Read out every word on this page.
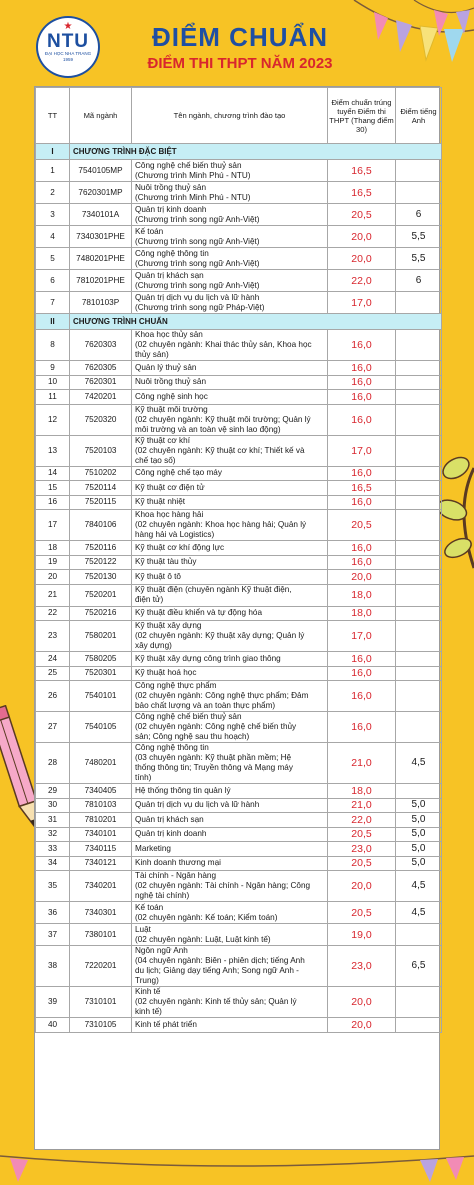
★
NTU
ĐẠI HỌC NHA TRANG
1959
ĐIỂM CHUẨN
ĐIỂM THI THPT NĂM 2023
TT	Mã ngành	Tên ngành, chương trình đào tạo	Điểm chuẩn trúng tuyển Điểm thi THPT (Thang điểm 30)	Điểm tiếng Anh
I	CHƯƠNG TRÌNH ĐẶC BIỆT			
1	7540105MP	Công nghệ chế biến thuỷ sản
(Chương trình Minh Phú - NTU)	16,5	
2	7620301MP	Nuôi trồng thuỷ sản
(Chương trình Minh Phú - NTU)	16,5	
3	7340101A	Quản trị kinh doanh
(Chương trình song ngữ Anh-Việt)	20,5	6
4	7340301PHE	Kế toán
(Chương trình song ngữ Anh-Việt)	20,0	5,5
5	7480201PHE	Công nghệ thông tin
(Chương trình song ngữ Anh-Việt)	20,0	5,5
6	7810201PHE	Quản trị khách sạn
(Chương trình song ngữ Anh-Việt)	22,0	6
7	7810103P	Quản trị dịch vụ du lịch và lữ hành
(Chương trình song ngữ Pháp-Việt)	17,0	
II	CHƯƠNG TRÌNH CHUẨN			
8	7620303	Khoa học thủy sản
(02 chuyên ngành: Khai thác thủy sản, Khoa học
thủy sản)	16,0	
9	7620305	Quản lý thuỷ sản	16,0	
10	7620301	Nuôi trồng thuỷ sản	16,0	
11	7420201	Công nghệ sinh học	16,0	
12	7520320	Kỹ thuật môi trường
(02 chuyên ngành: Kỹ thuật môi trường; Quản lý
môi trường và an toàn vệ sinh lao động)	16,0	
13	7520103	Kỹ thuật cơ khí
(02 chuyên ngành: Kỹ thuật cơ khí; Thiết kế và
chế tạo số)	17,0	
14	7510202	Công nghệ chế tạo máy	16,0	
15	7520114	Kỹ thuật cơ điện tử	16,5	
16	7520115	Kỹ thuật nhiệt	16,0	
17	7840106	Khoa học hàng hải
(02 chuyên ngành: Khoa học hàng hải; Quản lý
hàng hải và Logistics)	20,5	
18	7520116	Kỹ thuật cơ khí động lực	16,0	
19	7520122	Kỹ thuật tàu thủy	16,0	
20	7520130	Kỹ thuật ô tô	20,0	
21	7520201	Kỹ thuật điện (chuyên ngành Kỹ thuật điện,
điện tử)	18,0	
22	7520216	Kỹ thuật điều khiển và tự động hóa	18,0	
23	7580201	Kỹ thuật xây dựng
(02 chuyên ngành: Kỹ thuật xây dựng; Quản lý
xây dựng)	17,0	
24	7580205	Kỹ thuật xây dựng công trình giao thông	16,0	
25	7520301	Kỹ thuật hoá học	16,0	
26	7540101	Công nghệ thực phẩm
(02 chuyên ngành: Công nghệ thực phẩm; Đảm
bảo chất lượng và an toàn thực phẩm)	16,0	
27	7540105	Công nghệ chế biến thuỷ sản
(02 chuyên ngành: Công nghệ chế biến thủy
sản; Công nghệ sau thu hoạch)	16,0	
28	7480201	Công nghệ thông tin
(03 chuyên ngành: Kỹ thuật phần mềm; Hệ
thống thông tin; Truyền thông và Mạng máy
tính)	21,0	4,5
29	7340405	Hệ thống thông tin quản lý	18,0	
30	7810103	Quản trị dịch vụ du lịch và lữ hành	21,0	5,0
31	7810201	Quản trị khách sạn	22,0	5,0
32	7340101	Quản trị kinh doanh	20,5	5,0
33	7340115	Marketing	23,0	5,0
34	7340121	Kinh doanh thương mại	20,5	5,0
35	7340201	Tài chính - Ngân hàng
(02 chuyên ngành: Tài chính - Ngân hàng; Công
nghệ tài chính)	20,0	4,5
36	7340301	Kế toán
(02 chuyên ngành: Kế toán; Kiểm toán)	20,5	4,5
37	7380101	Luật
(02 chuyên ngành: Luật, Luật kinh tế)	19,0	
38	7220201	Ngôn ngữ Anh
(04 chuyên ngành: Biên - phiên dịch; tiếng Anh
du lịch; Giảng dạy tiếng Anh; Song ngữ Anh -
Trung)	23,0	6,5
39	7310101	Kinh tế
(02 chuyên ngành: Kinh tế thủy sản; Quản lý
kinh tế)	20,0	
40	7310105	Kinh tế phát triển	20,0	
